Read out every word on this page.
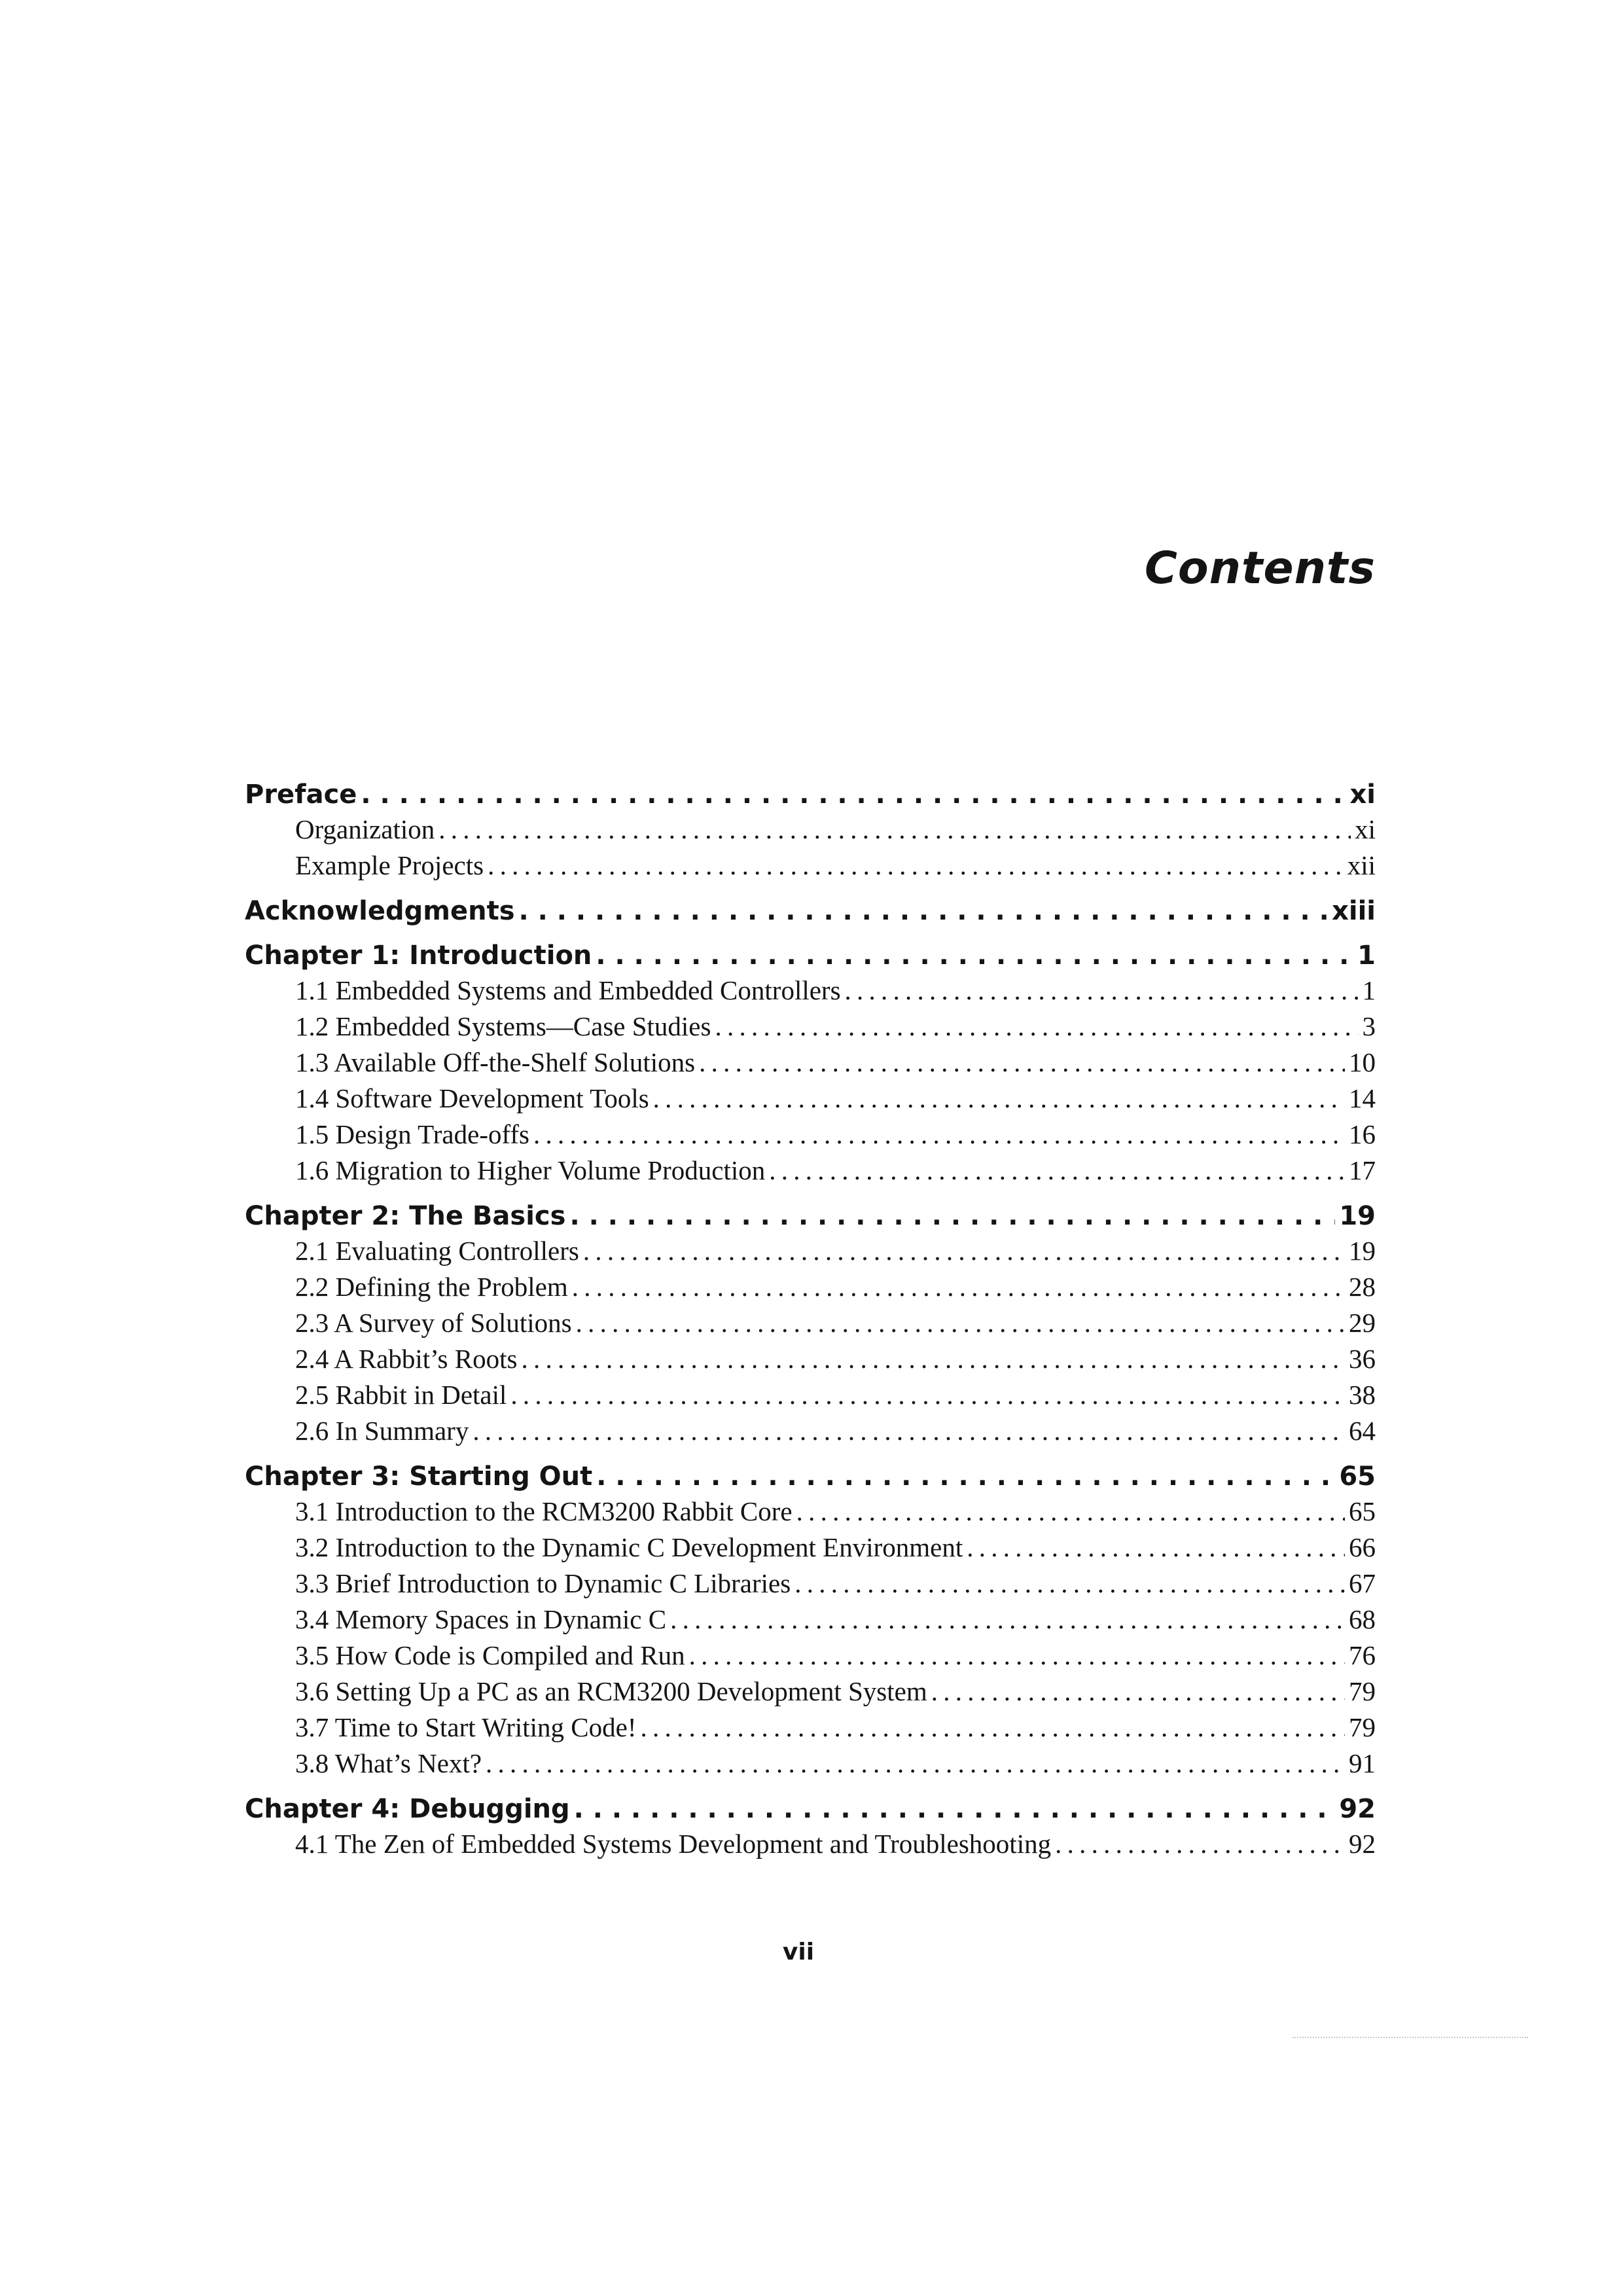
Contents
Preface . . .	xi
Organization . . .	xi
Example Projects . . .	xii
Acknowledgments . . .	xiii
Chapter 1: Introduction . . .	1
1.1 Embedded Systems and Embedded Controllers . . .	1
1.2 Embedded Systems—Case Studies . . .	3
1.3 Available Off-the-Shelf Solutions . . .	10
1.4 Software Development Tools . . .	14
1.5 Design Trade-offs . . .	16
1.6 Migration to Higher Volume Production . . .	17
Chapter 2: The Basics . . .	19
2.1 Evaluating Controllers . . .	19
2.2 Defining the Problem . . .	28
2.3 A Survey of Solutions . . .	29
2.4 A Rabbit’s Roots . . .	36
2.5 Rabbit in Detail . . .	38
2.6 In Summary . . .	64
Chapter 3: Starting Out . . .	65
3.1 Introduction to the RCM3200 Rabbit Core . . .	65
3.2 Introduction to the Dynamic C Development Environment . . .	66
3.3 Brief Introduction to Dynamic C Libraries . . .	67
3.4 Memory Spaces in Dynamic C . . .	68
3.5 How Code is Compiled and Run . . .	76
3.6 Setting Up a PC as an RCM3200 Development System . . .	79
3.7 Time to Start Writing Code! . . .	79
3.8 What’s Next? . . .	91
Chapter 4: Debugging . . .	92
4.1 The Zen of Embedded Systems Development and Troubleshooting . . .	92
vii
